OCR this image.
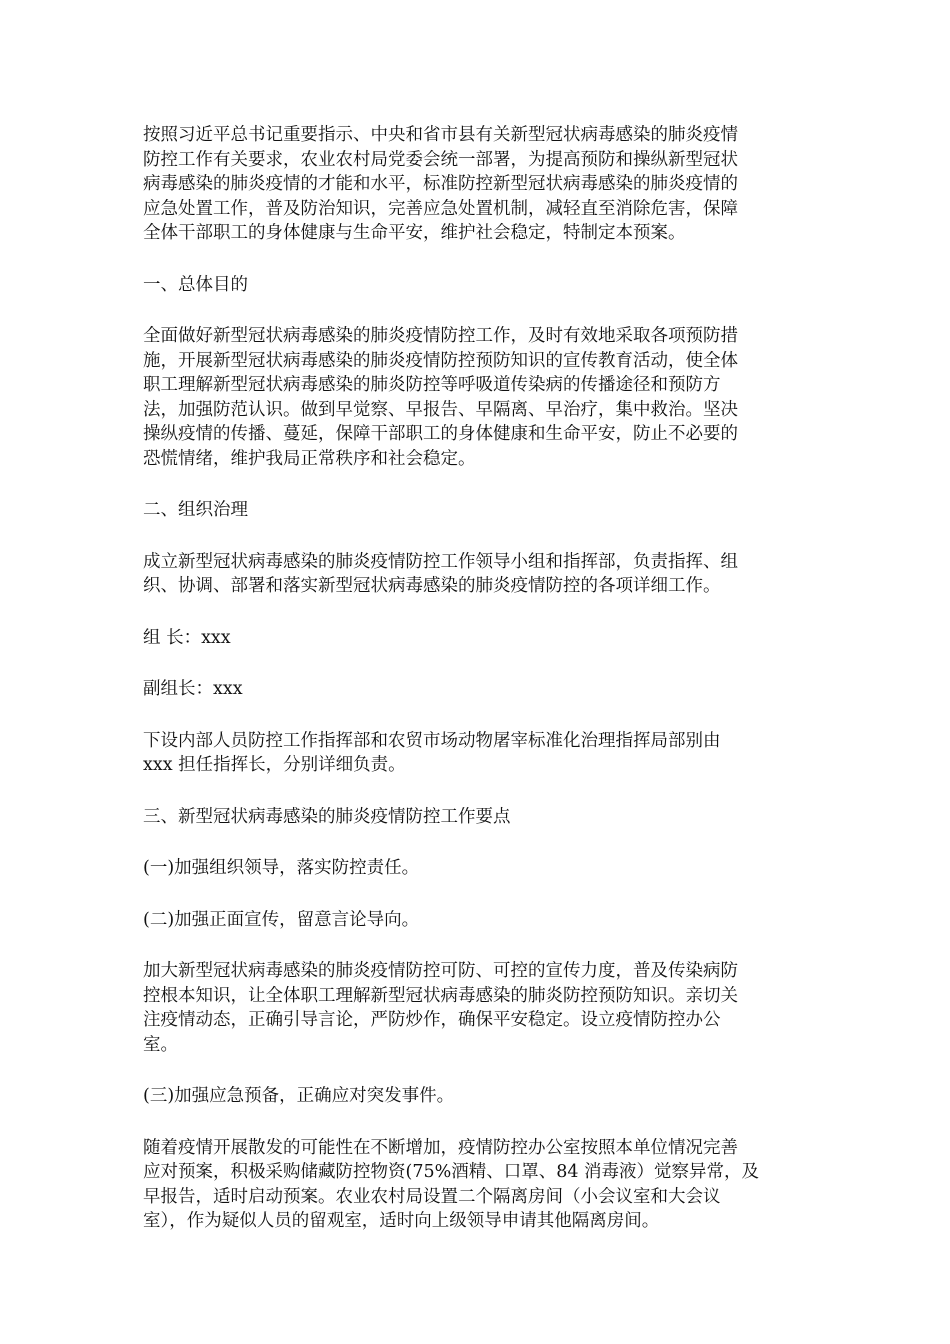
按照习近平总书记重要指示、中央和省市县有关新型冠状病毒感染的肺炎疫情
防控工作有关要求，农业农村局党委会统一部署，为提高预防和操纵新型冠状
病毒感染的肺炎疫情的才能和水平，标准防控新型冠状病毒感染的肺炎疫情的
应急处置工作，普及防治知识，完善应急处置机制，减轻直至消除危害，保障
全体干部职工的身体健康与生命平安，维护社会稳定，特制定本预案。

一、总体目的

全面做好新型冠状病毒感染的肺炎疫情防控工作，及时有效地采取各项预防措
施，开展新型冠状病毒感染的肺炎疫情防控预防知识的宣传教育活动，使全体
职工理解新型冠状病毒感染的肺炎防控等呼吸道传染病的传播途径和预防方
法，加强防范认识。做到早觉察、早报告、早隔离、早治疗，集中救治。坚决
操纵疫情的传播、蔓延，保障干部职工的身体健康和生命平安，防止不必要的
恐慌情绪，维护我局正常秩序和社会稳定。

二、组织治理

成立新型冠状病毒感染的肺炎疫情防控工作领导小组和指挥部，负责指挥、组
织、协调、部署和落实新型冠状病毒感染的肺炎疫情防控的各项详细工作。

组 长：xxx

副组长：xxx

下设内部人员防控工作指挥部和农贸市场动物屠宰标准化治理指挥局部别由
xxx 担任指挥长，分别详细负责。

三、新型冠状病毒感染的肺炎疫情防控工作要点

(一)加强组织领导，落实防控责任。

(二)加强正面宣传，留意言论导向。

加大新型冠状病毒感染的肺炎疫情防控可防、可控的宣传力度，普及传染病防
控根本知识，让全体职工理解新型冠状病毒感染的肺炎防控预防知识。亲切关
注疫情动态，正确引导言论，严防炒作，确保平安稳定。设立疫情防控办公
室。

(三)加强应急预备，正确应对突发事件。

随着疫情开展散发的可能性在不断增加，疫情防控办公室按照本单位情况完善
应对预案，积极采购储藏防控物资(75%酒精、口罩、84 消毒液）觉察异常，及
早报告，适时启动预案。农业农村局设置二个隔离房间（小会议室和大会议
室），作为疑似人员的留观室，适时向上级领导申请其他隔离房间。
